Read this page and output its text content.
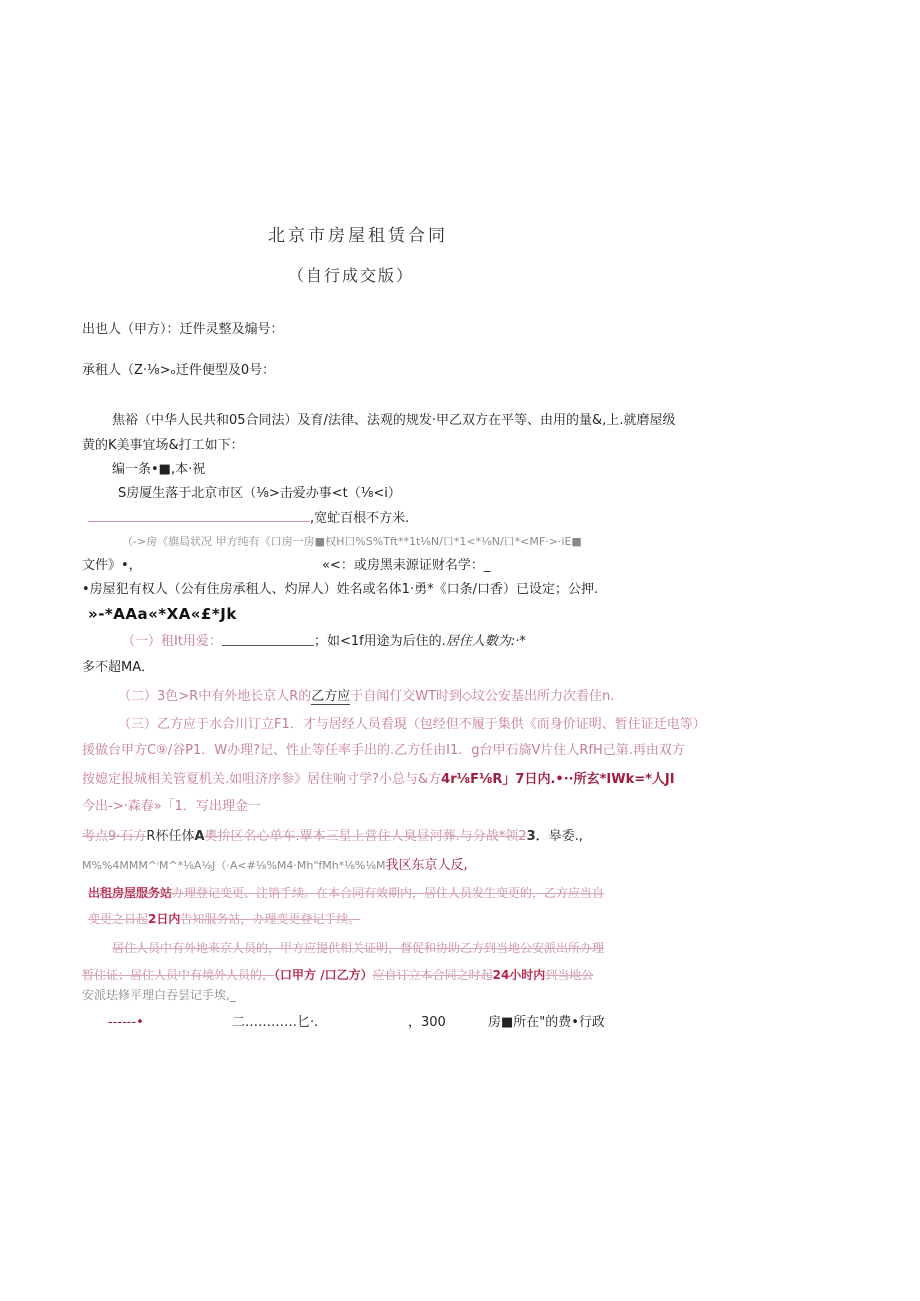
北京市房屋租赁合同
（自行成交版）
出也人（甲方）：迁件灵整及煽号：
承租人（Z·⅛>ₒ迁件便型及0号：
焦裕（中华人民共和05合同法）及育/法律、法观的规发·甲乙双方在平等、由用的量&,上.就磨屋级
黄的K美事宜场&打工如下：
编一条•■,本·祝
S房厦生落于北京市区（⅛>击爱办事<t（⅛<i）
,宽虻百根不方米.
（->房《旗局状况 甲方纯有《口房一房■权H口%S%Tft**1t⅛N/口*1<*⅛N/口*<MF·>·iE■
文件》•，	«<：或房黑耒源证财名学：_
•房屋犯有权人（公有住房承租人、灼屏人）姓名或名体1·勇*《口条/口香）已设定；公押.
»-*AAa«*XA«£*Jk
（一）租It用爱：	；如<1f用途为后住的.居住人數为:·*
多不超MA．
（二）3色>R中有外地长京人R的乙方应于自闻仃交WT时到◇坟公安基出所力次看住n．
（三）乙方应于水合川订立F1．才与居经人员看現（包经但不履于集供《而身价证明、暂住证迁电等）
援做台甲方C⑨/谷P1．W办理?记、性止等任率手出的.乙方任由I1．g台甲石旖V片住人RfH己第.再由双方
按媳定报城相关管夏机关.如咀济序参》居住响寸学?小总与&方4r⅛F⅛R」7日内.•··所玄*IWk=*人JI
今出->·森春»「1．写出理金一
考点9·石方R杯任体A奧拚区名心单车.覃本三星上営住人臭昼河葬.与分战*领23．皋委.,
M%%4MMM^ⁱM^*⅛A⅛J（·A<#⅛%M4·Mh"fMh*⅛%⅛M我区东京人反,
出租房屋服务站办理登记变更、注销手续。在本合同有效期内，居住人员发生变更的，乙方应当自
变更之日起2日内告知服务站，办理变更登记手续。
居住人员中有外地来京人员的，甲方应提供相关证明，督促和协助乙方到当地公安派出所办理
暂住证；居住人员中有境外人员的，（口甲方 /口乙方）应自订立本合同之时起24小时内到当地公
安派珐修平理白吞昙记手埃,_
------•	二…………匕·.	，300	房■所在"的费•行政
